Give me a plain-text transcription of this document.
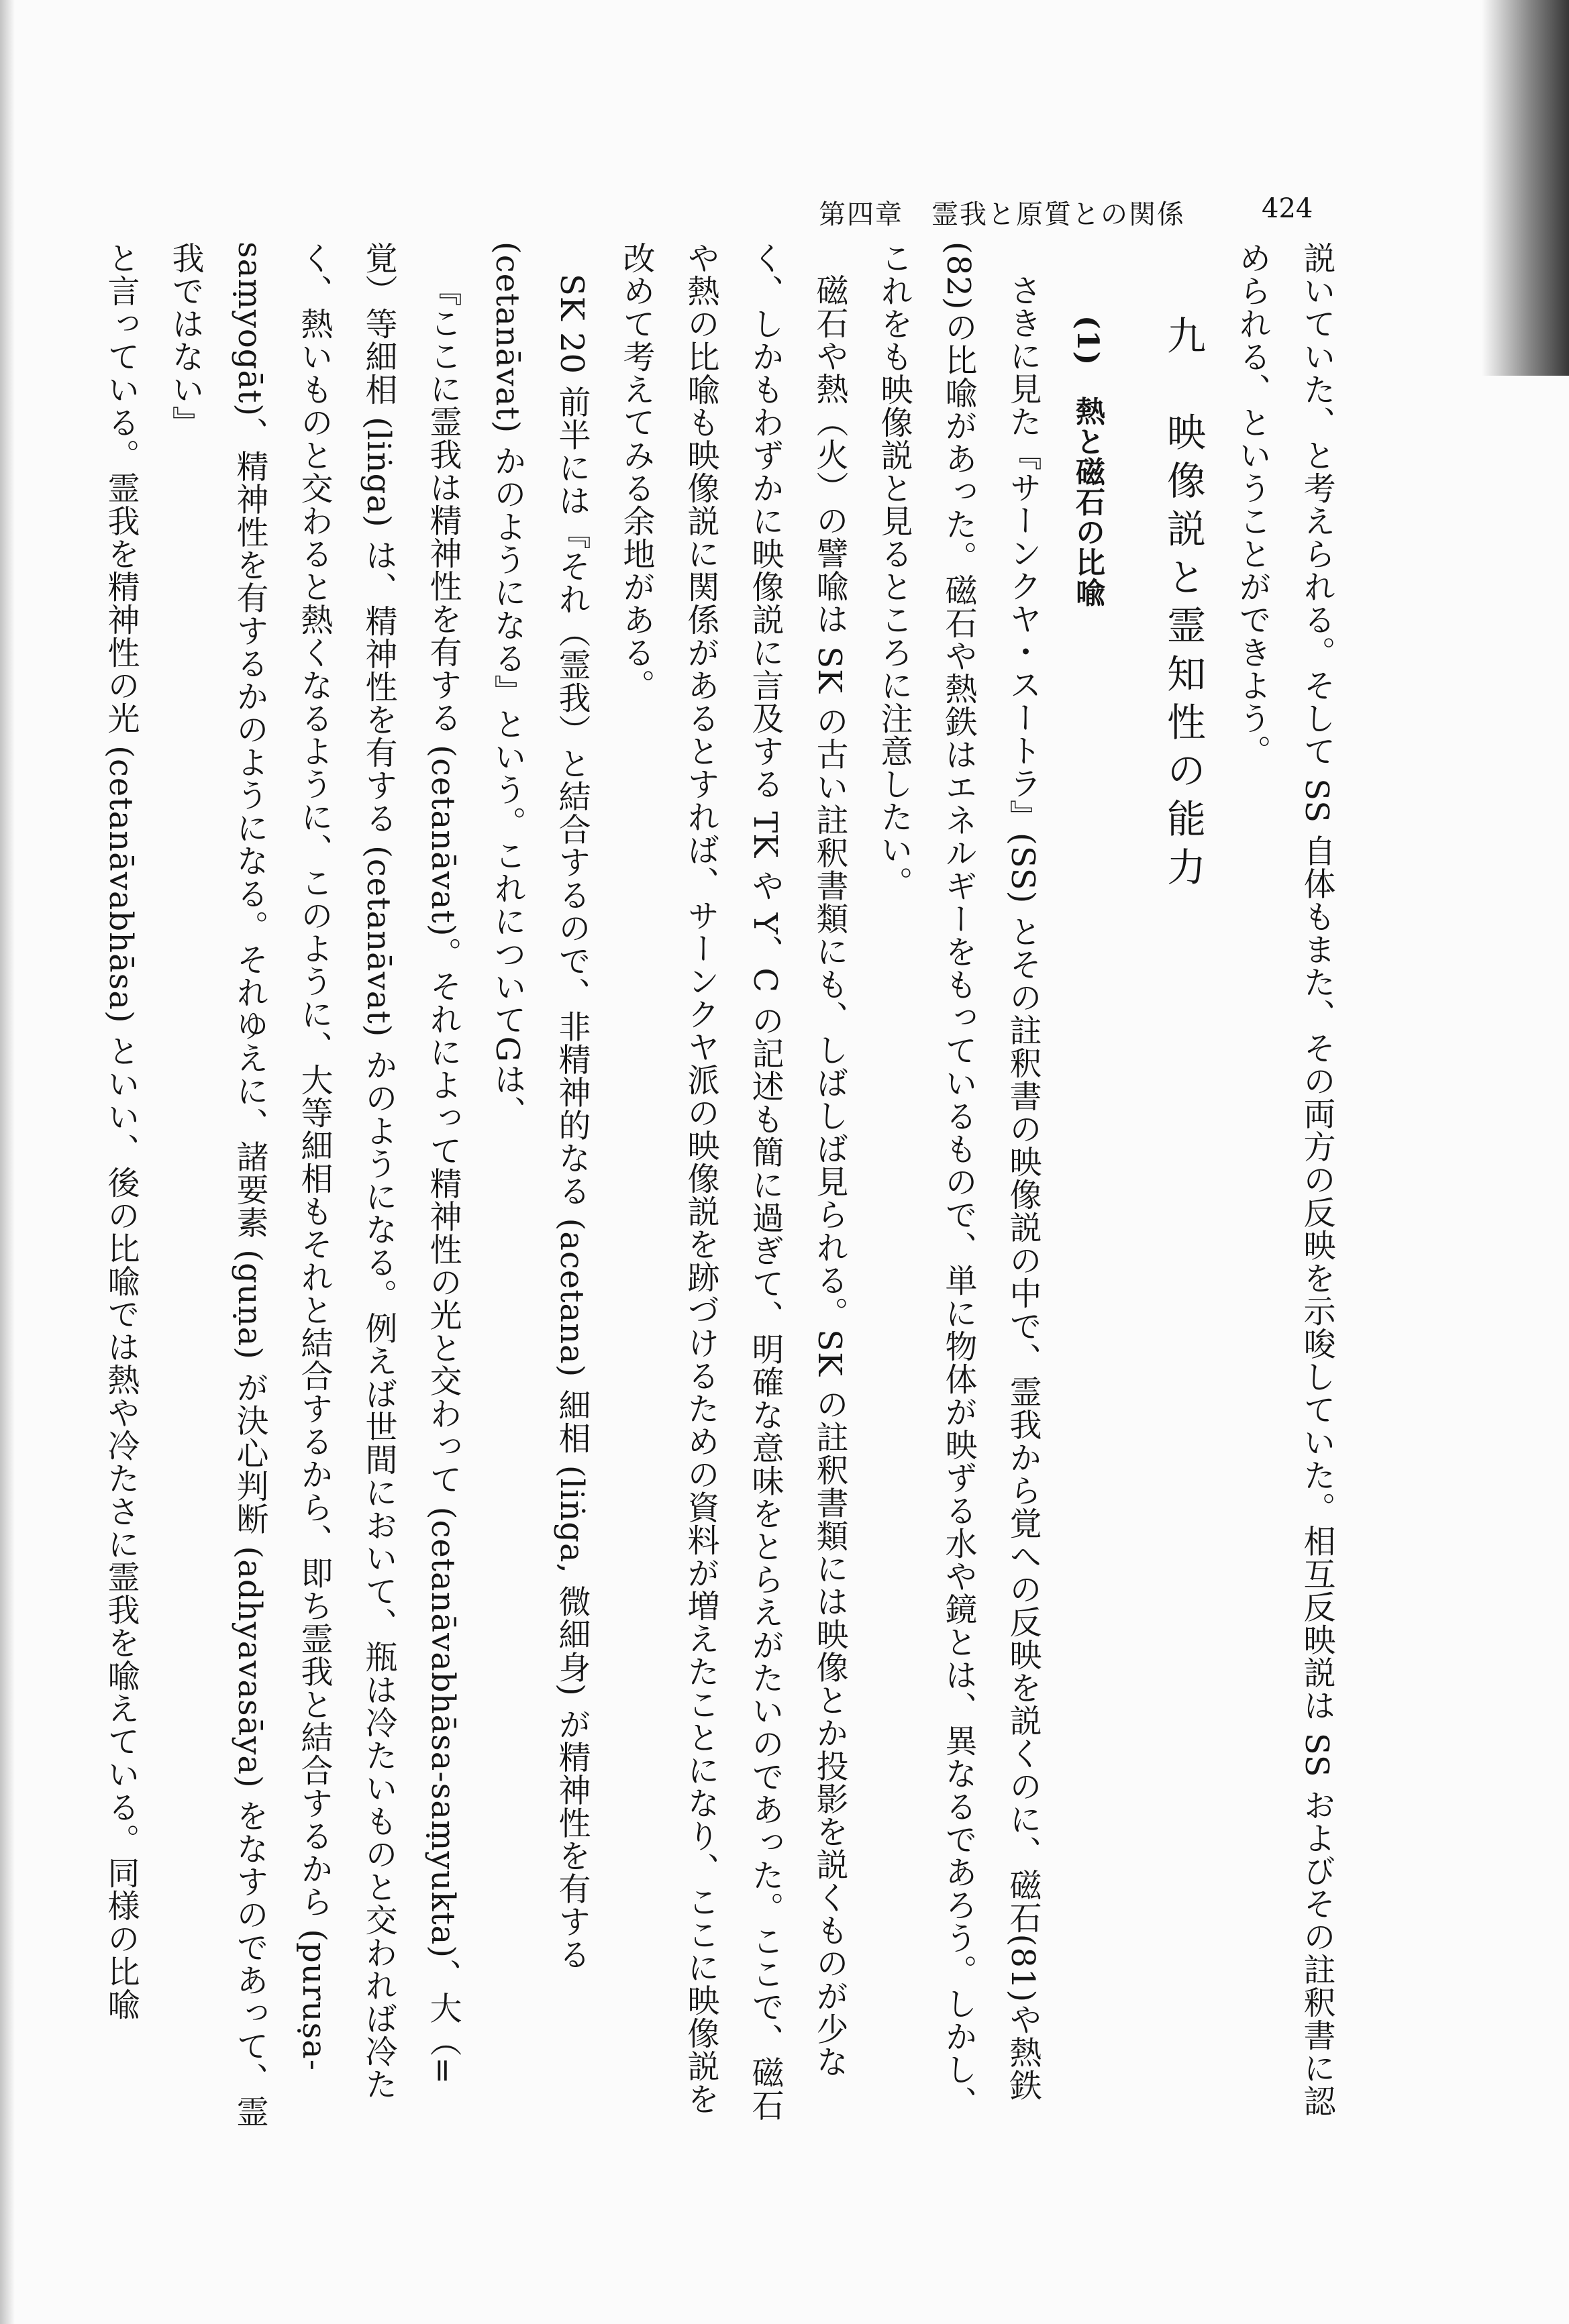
第四章　霊我と原質との関係	424

説いていた、と考えられる。そして SS 自体もまた、その両方の反映を示唆していた。相互反映説は SS およびその註釈書に認められる、ということができよう。

九　映像説と霊知性の能力

(1)　熱と磁石の比喩

さきに見た『サーンクヤ・スートラ』(SS) とその註釈書の映像説の中で、霊我から覚への反映を説くのに、磁石(81)や熱鉄(82)の比喩があった。磁石や熱鉄はエネルギーをもっているもので、単に物体が映ずる水や鏡とは、異なるであろう。しかし、これをも映像説と見るところに注意したい。

磁石や熱（火）の譬喩は SK の古い註釈書類にも、しばしば見られる。SK の註釈書類には映像とか投影を説くものが少なく、しかもわずかに映像説に言及する TK や Y、C の記述も簡に過ぎて、明確な意味をとらえがたいのであった。ここで、磁石や熱の比喩も映像説に関係があるとすれば、サーンクヤ派の映像説を跡づけるための資料が増えたことになり、ここに映像説を改めて考えてみる余地がある。

SK 20 前半には『それ（霊我）と結合するので、非精神的なる (acetana) 細相 (liṅga, 微細身) が精神性を有する (cetanāvat) かのようになる』という。これについてGは、

『ここに霊我は精神性を有する (cetanāvat)。それによって精神性の光と交わって (cetanāvabhāsa-saṃyukta)、大（=覚）等細相 (liṅga) は、精神性を有する (cetanāvat) かのようになる。例えば世間において、瓶は冷たいものと交われば冷たく、熱いものと交わると熱くなるように、このように、大等細相もそれと結合するから、即ち霊我と結合するから (puruṣa-saṃyogāt)、精神性を有するかのようになる。それゆえに、諸要素 (guṇa) が決心判断 (adhyavasāya) をなすのであって、霊我ではない』

と言っている。霊我を精神性の光 (cetanāvabhāsa) といい、後の比喩では熱や冷たさに霊我を喩えている。同様の比喩
